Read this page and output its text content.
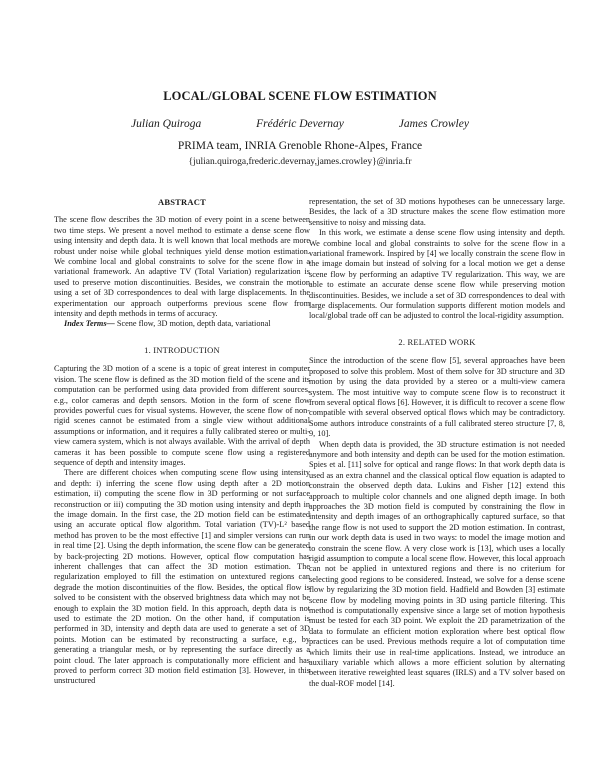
LOCAL/GLOBAL SCENE FLOW ESTIMATION
Julian Quiroga	Frédéric Devernay	James Crowley
PRIMA team, INRIA Grenoble Rhone-Alpes, France
{julian.quiroga,frederic.devernay,james.crowley}@inria.fr
ABSTRACT

The scene flow describes the 3D motion of every point in a scene between two time steps. We present a novel method to estimate a dense scene flow using intensity and depth data. It is well known that local methods are more robust under noise while global techniques yield dense motion estimation. We combine local and global constraints to solve for the scene flow in a variational framework. An adaptive TV (Total Variation) regularization is used to preserve motion discontinuities. Besides, we constrain the motion using a set of 3D correspondences to deal with large displacements. In the experimentation our approach outperforms previous scene flow from intensity and depth methods in terms of accuracy.

Index Terms— Scene flow, 3D motion, depth data, variational

1. INTRODUCTION

Capturing the 3D motion of a scene is a topic of great interest in computer vision. The scene flow is defined as the 3D motion field of the scene and its computation can be performed using data provided from different sources, e.g., color cameras and depth sensors. Motion in the form of scene flow provides powerful cues for visual systems. However, the scene flow of non-rigid scenes cannot be estimated from a single view without additional assumptions or information, and it requires a fully calibrated stereo or multi-view camera system, which is not always available. With the arrival of depth cameras it has been possible to compute scene flow using a registered sequence of depth and intensity images.

There are different choices when computing scene flow using intensity and depth: i) inferring the scene flow using depth after a 2D motion estimation, ii) computing the scene flow in 3D performing or not surface reconstruction or iii) computing the 3D motion using intensity and depth in the image domain. In the first case, the 2D motion field can be estimated using an accurate optical flow algorithm. Total variation (TV)-L² based method has proven to be the most effective [1] and simpler versions can run in real time [2]. Using the depth information, the scene flow can be generated by back-projecting 2D motions. However, optical flow computation has inherent challenges that can affect the 3D motion estimation. The regularization employed to fill the estimation on untextured regions can degrade the motion discontinuities of the flow. Besides, the optical flow is solved to be consistent with the observed brightness data which may not be enough to explain the 3D motion field. In this approach, depth data is not used to estimate the 2D motion. On the other hand, if computation is performed in 3D, intensity and depth data are used to generate a set of 3D points. Motion can be estimated by reconstructing a surface, e.g., by generating a triangular mesh, or by representing the surface directly as a point cloud. The later approach is computationally more efficient and has proved to perform correct 3D motion field estimation [3]. However, in this unstructured

representation, the set of 3D motions hypotheses can be unnecessary large. Besides, the lack of a 3D structure makes the scene flow estimation more sensitive to noisy and missing data.

In this work, we estimate a dense scene flow using intensity and depth. We combine local and global constraints to solve for the scene flow in a variational framework. Inspired by [4] we locally constrain the scene flow in the image domain but instead of solving for a local motion we get a dense scene flow by performing an adaptive TV regularization. This way, we are able to estimate an accurate dense scene flow while preserving motion discontinuities. Besides, we include a set of 3D correspondences to deal with large displacements. Our formulation supports different motion models and local/global trade off can be adjusted to control the local-rigidity assumption.

2. RELATED WORK

Since the introduction of the scene flow [5], several approaches have been proposed to solve this problem. Most of them solve for 3D structure and 3D motion by using the data provided by a stereo or a multi-view camera system. The most intuitive way to compute scene flow is to reconstruct it from several optical flows [6]. However, it is difficult to recover a scene flow compatible with several observed optical flows which may be contradictory. Some authors introduce constraints of a full calibrated stereo structure [7, 8, 9, 10].

When depth data is provided, the 3D structure estimation is not needed anymore and both intensity and depth can be used for the motion estimation. Spies et al. [11] solve for optical and range flows: In that work depth data is used as an extra channel and the classical optical flow equation is adapted to constrain the observed depth data. Lukins and Fisher [12] extend this approach to multiple color channels and one aligned depth image. In both approaches the 3D motion field is computed by constraining the flow in intensity and depth images of an orthographically captured surface, so that the range flow is not used to support the 2D motion estimation. In contrast, in our work depth data is used in two ways: to model the image motion and to constrain the scene flow. A very close work is [13], which uses a locally rigid assumption to compute a local scene flow. However, this local approach can not be applied in untextured regions and there is no criterium for selecting good regions to be considered. Instead, we solve for a dense scene flow by regularizing the 3D motion field. Hadfield and Bowden [3] estimate scene flow by modeling moving points in 3D using particle filtering. This method is computationally expensive since a large set of motion hypothesis must be tested for each 3D point. We exploit the 2D parametrization of the data to formulate an efficient motion exploration where best optical flow practices can be used. Previous methods require a lot of computation time which limits their use in real-time applications. Instead, we introduce an auxiliary variable which allows a more efficient solution by alternating between iterative reweighted least squares (IRLS) and a TV solver based on the dual-ROF model [14].
